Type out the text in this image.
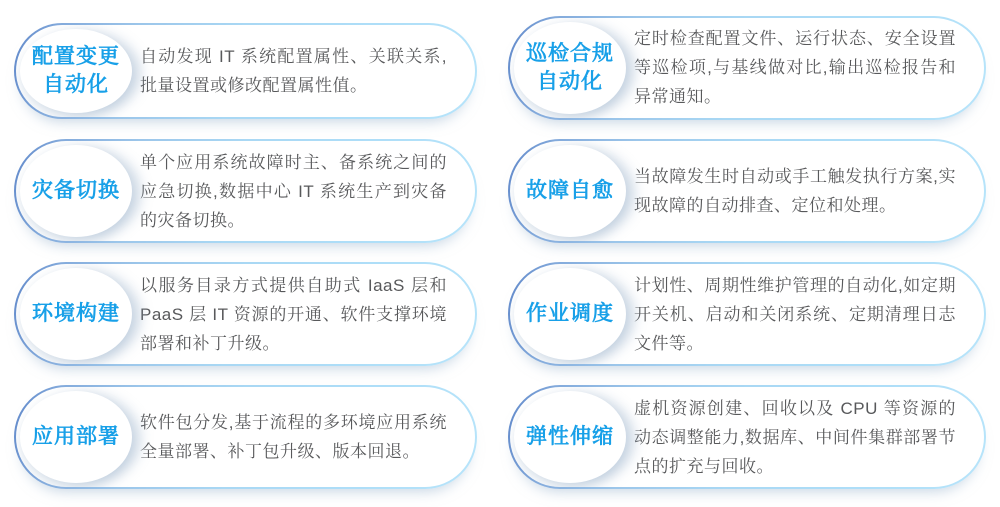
配置变更
自动化

自动发现 IT 系统配置属性、关联关系,批量设置或修改配置属性值。

巡检合规
自动化

定时检查配置文件、运行状态、安全设置等巡检项,与基线做对比,输出巡检报告和异常通知。

灾备切换

单个应用系统故障时主、备系统之间的应急切换,数据中心 IT 系统生产到灾备的灾备切换。

故障自愈

当故障发生时自动或手工触发执行方案,实现故障的自动排查、定位和处理。

环境构建

以服务目录方式提供自助式 IaaS 层和PaaS 层 IT 资源的开通、软件支撑环境部署和补丁升级。

作业调度

计划性、周期性维护管理的自动化,如定期开关机、启动和关闭系统、定期清理日志文件等。

应用部署

软件包分发,基于流程的多环境应用系统全量部署、补丁包升级、版本回退。

弹性伸缩

虚机资源创建、回收以及 CPU 等资源的动态调整能力,数据库、中间件集群部署节点的扩充与回收。
